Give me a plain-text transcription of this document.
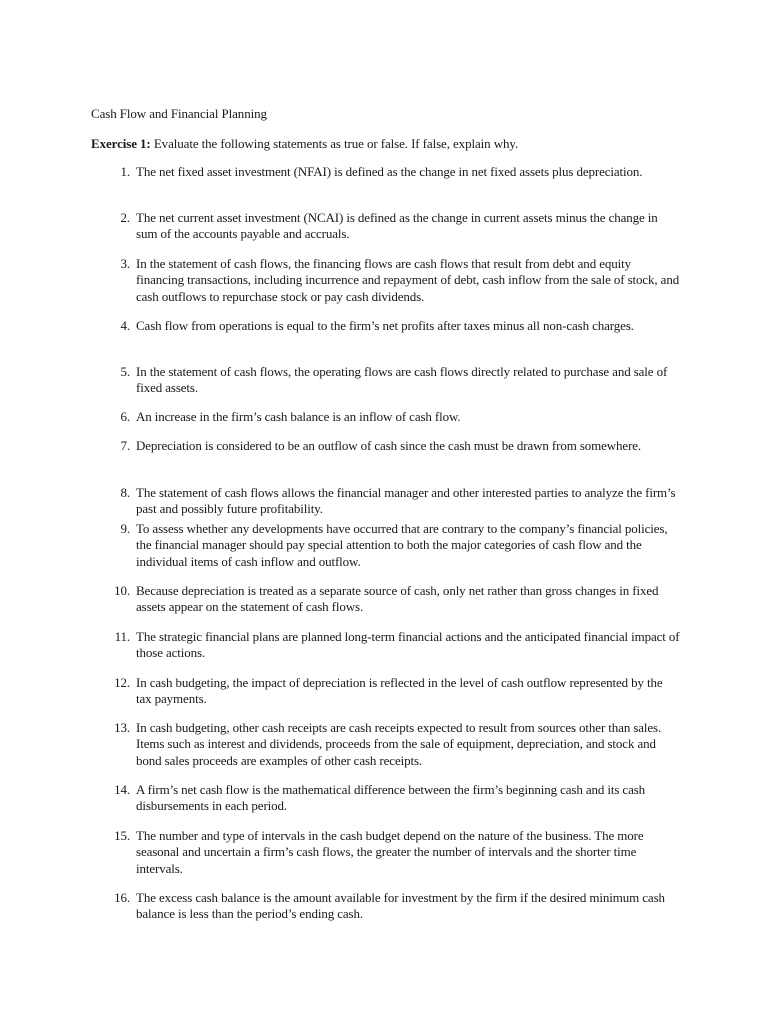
Cash Flow and Financial Planning
Exercise 1: Evaluate the following statements as true or false. If false, explain why.
1. The net fixed asset investment (NFAI) is defined as the change in net fixed assets plus depreciation.
2. The net current asset investment (NCAI) is defined as the change in current assets minus the change in sum of the accounts payable and accruals.
3. In the statement of cash flows, the financing flows are cash flows that result from debt and equity financing transactions, including incurrence and repayment of debt, cash inflow from the sale of stock, and cash outflows to repurchase stock or pay cash dividends.
4. Cash flow from operations is equal to the firm’s net profits after taxes minus all non-cash charges.
5. In the statement of cash flows, the operating flows are cash flows directly related to purchase and sale of fixed assets.
6. An increase in the firm’s cash balance is an inflow of cash flow.
7. Depreciation is considered to be an outflow of cash since the cash must be drawn from somewhere.
8. The statement of cash flows allows the financial manager and other interested parties to analyze the firm’s past and possibly future profitability.
9. To assess whether any developments have occurred that are contrary to the company’s financial policies, the financial manager should pay special attention to both the major categories of cash flow and the individual items of cash inflow and outflow.
10. Because depreciation is treated as a separate source of cash, only net rather than gross changes in fixed assets appear on the statement of cash flows.
11. The strategic financial plans are planned long-term financial actions and the anticipated financial impact of those actions.
12. In cash budgeting, the impact of depreciation is reflected in the level of cash outflow represented by the tax payments.
13. In cash budgeting, other cash receipts are cash receipts expected to result from sources other than sales. Items such as interest and dividends, proceeds from the sale of equipment, depreciation, and stock and bond sales proceeds are examples of other cash receipts.
14. A firm’s net cash flow is the mathematical difference between the firm’s beginning cash and its cash disbursements in each period.
15. The number and type of intervals in the cash budget depend on the nature of the business. The more seasonal and uncertain a firm’s cash flows, the greater the number of intervals and the shorter time intervals.
16. The excess cash balance is the amount available for investment by the firm if the desired minimum cash balance is less than the period’s ending cash.
